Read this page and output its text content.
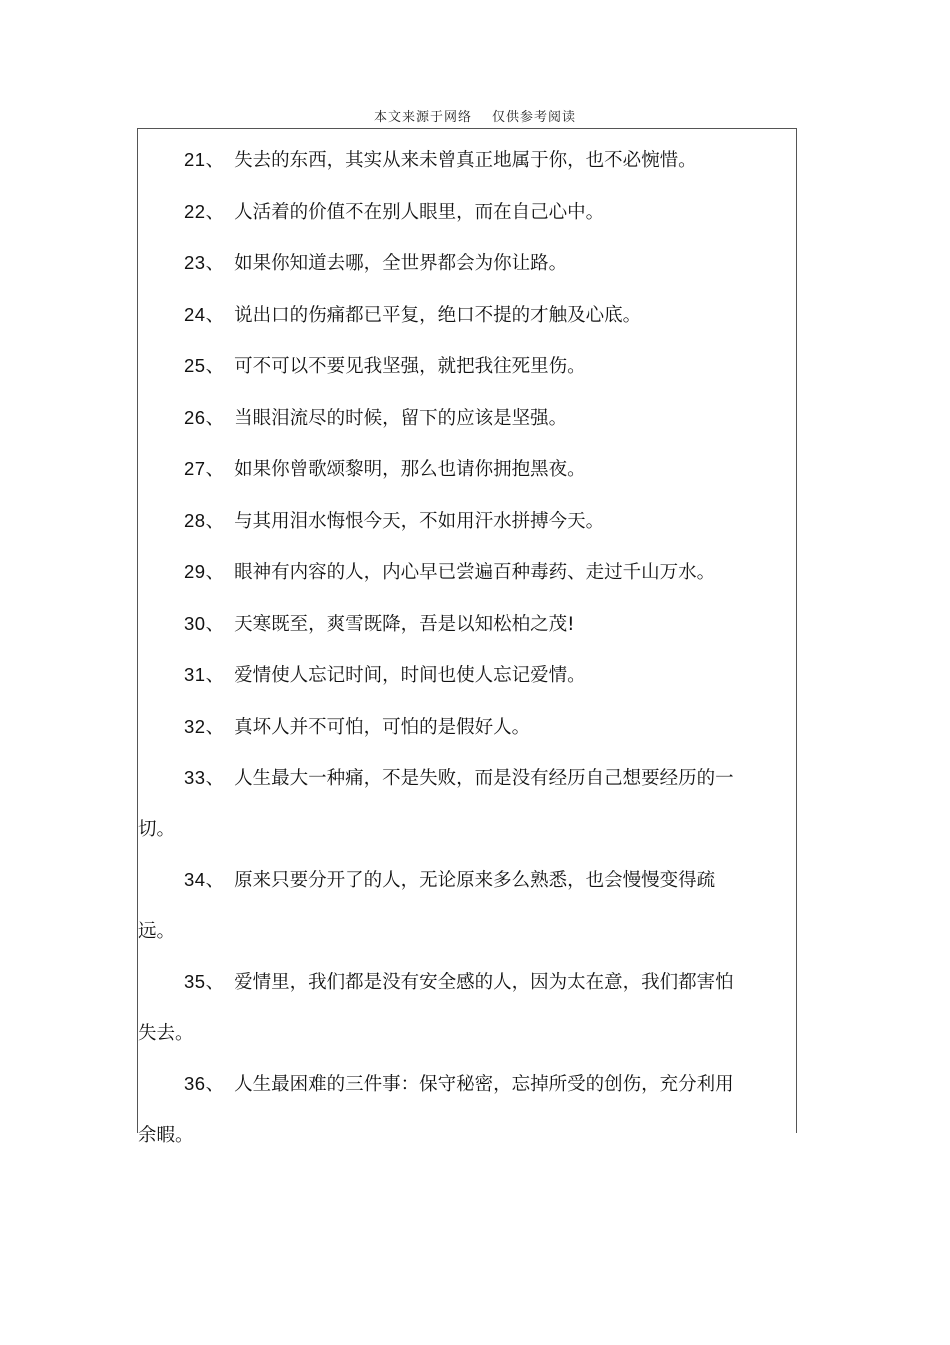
本文来源于网络 仅供参考阅读

21、 失去的东西，其实从来未曾真正地属于你，也不必惋惜。

22、 人活着的价值不在别人眼里，而在自己心中。

23、 如果你知道去哪，全世界都会为你让路。

24、 说出口的伤痛都已平复，绝口不提的才触及心底。

25、 可不可以不要见我坚强，就把我往死里伤。

26、 当眼泪流尽的时候，留下的应该是坚强。

27、 如果你曾歌颂黎明，那么也请你拥抱黑夜。

28、 与其用泪水悔恨今天，不如用汗水拼搏今天。

29、 眼神有内容的人，内心早已尝遍百种毒药、走过千山万水。

30、 天寒既至，爽雪既降，吾是以知松柏之茂!

31、 爱情使人忘记时间，时间也使人忘记爱情。

32、 真坏人并不可怕，可怕的是假好人。

33、 人生最大一种痛，不是失败，而是没有经历自己想要经历的一切。

34、 原来只要分开了的人，无论原来多么熟悉，也会慢慢变得疏远。

35、 爱情里，我们都是没有安全感的人，因为太在意，我们都害怕失去。

36、 人生最困难的三件事：保守秘密，忘掉所受的创伤，充分利用余暇。
